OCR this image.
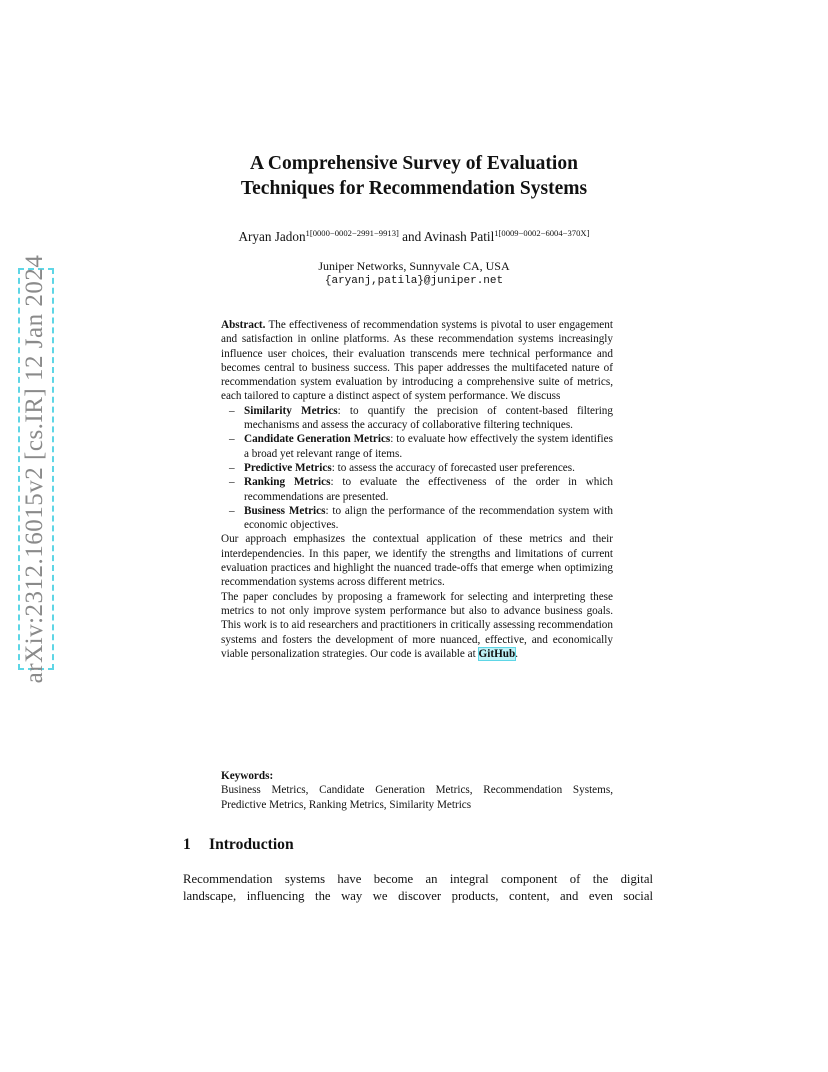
arXiv:2312.16015v2 [cs.IR] 12 Jan 2024
A Comprehensive Survey of Evaluation
Techniques for Recommendation Systems
Aryan Jadon$^{1[0000-0002-2991-9913]}$ and Avinash Patil$^{1[0009-0002-6004-370X]}$
Juniper Networks, Sunnyvale CA, USA
{aryanj,patila}@juniper.net

Abstract. The effectiveness of recommendation systems is pivotal to user engagement and satisfaction in online platforms. As these recommendation systems increasingly influence user choices, their evaluation transcends mere technical performance and becomes central to business success. This paper addresses the multifaceted nature of recommendation system evaluation by introducing a comprehensive suite of metrics, each tailored to capture a distinct aspect of system performance. We discuss

– Similarity Metrics: to quantify the precision of content-based filtering mechanisms and assess the accuracy of collaborative filtering techniques.
– Candidate Generation Metrics: to evaluate how effectively the system identifies a broad yet relevant range of items.
– Predictive Metrics: to assess the accuracy of forecasted user preferences.
– Ranking Metrics: to evaluate the effectiveness of the order in which recommendations are presented.
– Business Metrics: to align the performance of the recommendation system with economic objectives.

Our approach emphasizes the contextual application of these metrics and their interdependencies. In this paper, we identify the strengths and limitations of current evaluation practices and highlight the nuanced trade-offs that emerge when optimizing recommendation systems across different metrics.

The paper concludes by proposing a framework for selecting and interpreting these metrics to not only improve system performance but also to advance business goals. This work is to aid researchers and practitioners in critically assessing recommendation systems and fosters the development of more nuanced, effective, and economically viable personalization strategies. Our code is available at GitHub.

Keywords:
Business Metrics, Candidate Generation Metrics, Recommendation Systems, Predictive Metrics, Ranking Metrics, Similarity Metrics
1 Introduction
Recommendation systems have become an integral component of the digital
landscape, influencing the way we discover products, content, and even social
